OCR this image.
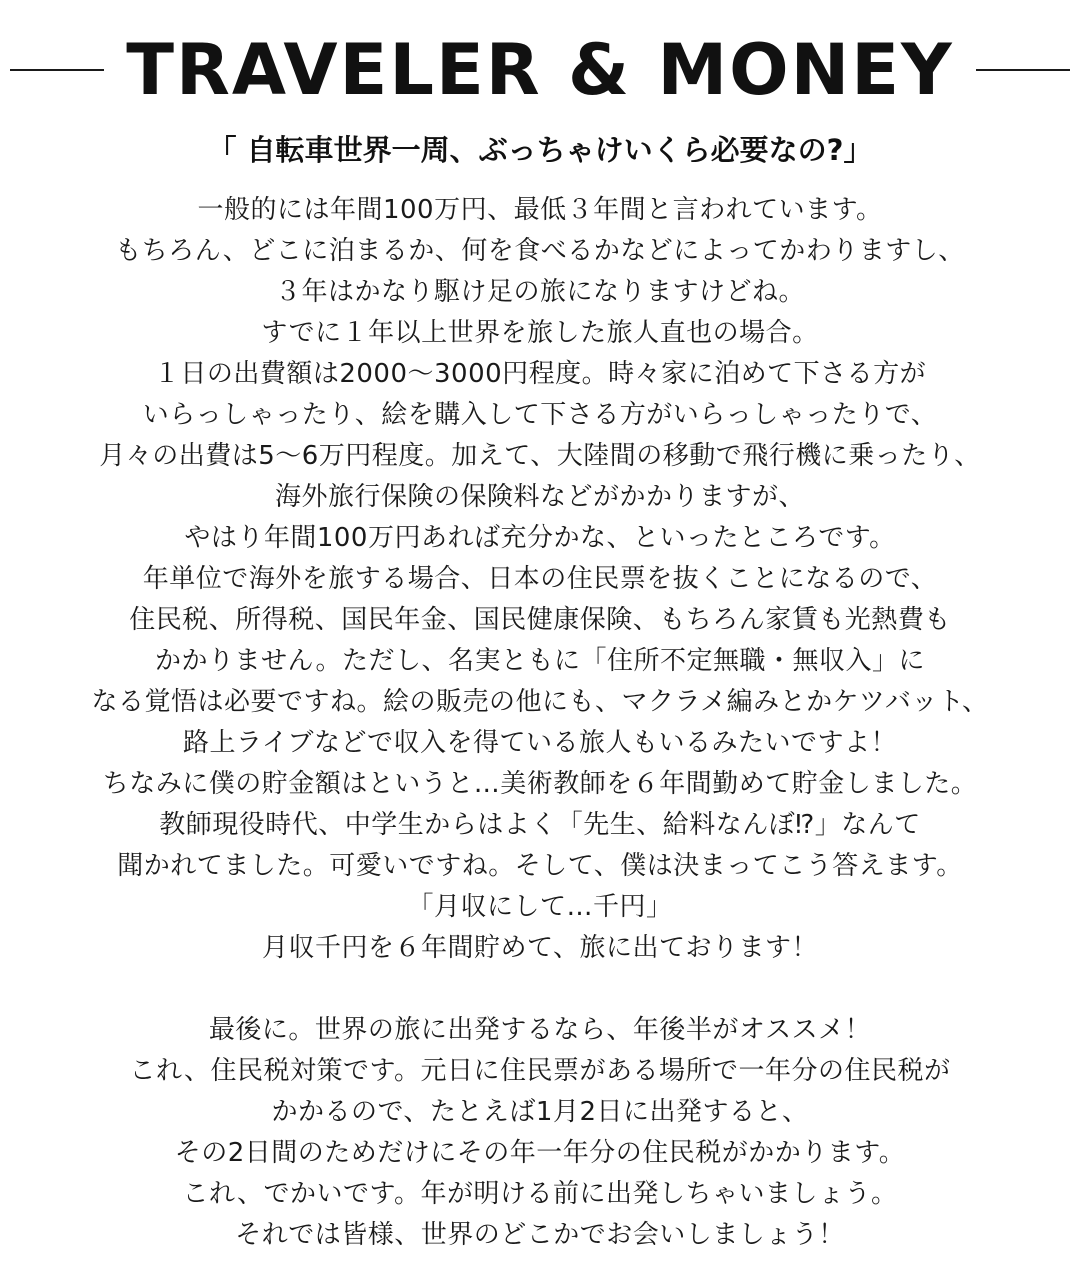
TRAVELER & MONEY
「 自転車世界一周、ぶっちゃけいくら必要なの?」
一般的には年間100万円、最低３年間と言われています。
もちろん、どこに泊まるか、何を食べるかなどによってかわりますし、
３年はかなり駆け足の旅になりますけどね。
すでに１年以上世界を旅した旅人直也の場合。
１日の出費額は2000～3000円程度。時々家に泊めて下さる方が
いらっしゃったり、絵を購入して下さる方がいらっしゃったりで、
月々の出費は5～6万円程度。加えて、大陸間の移動で飛行機に乗ったり、
海外旅行保険の保険料などがかかりますが、
やはり年間100万円あれば充分かな、といったところです。
年単位で海外を旅する場合、日本の住民票を抜くことになるので、
住民税、所得税、国民年金、国民健康保険、もちろん家賃も光熱費も
かかりません。ただし、名実ともに「住所不定無職・無収入」に
なる覚悟は必要ですね。絵の販売の他にも、マクラメ編みとかケツバット、
路上ライブなどで収入を得ている旅人もいるみたいですよ！
ちなみに僕の貯金額はというと…美術教師を６年間勤めて貯金しました。
教師現役時代、中学生からはよく「先生、給料なんぼ⁉」なんて
聞かれてました。可愛いですね。そして、僕は決まってこう答えます。
「月収にして…千円」
月収千円を６年間貯めて、旅に出ております！
最後に。世界の旅に出発するなら、年後半がオススメ！
これ、住民税対策です。元日に住民票がある場所で一年分の住民税が
かかるので、たとえば1月2日に出発すると、
その2日間のためだけにその年一年分の住民税がかかります。
これ、でかいです。年が明ける前に出発しちゃいましょう。
それでは皆様、世界のどこかでお会いしましょう！
